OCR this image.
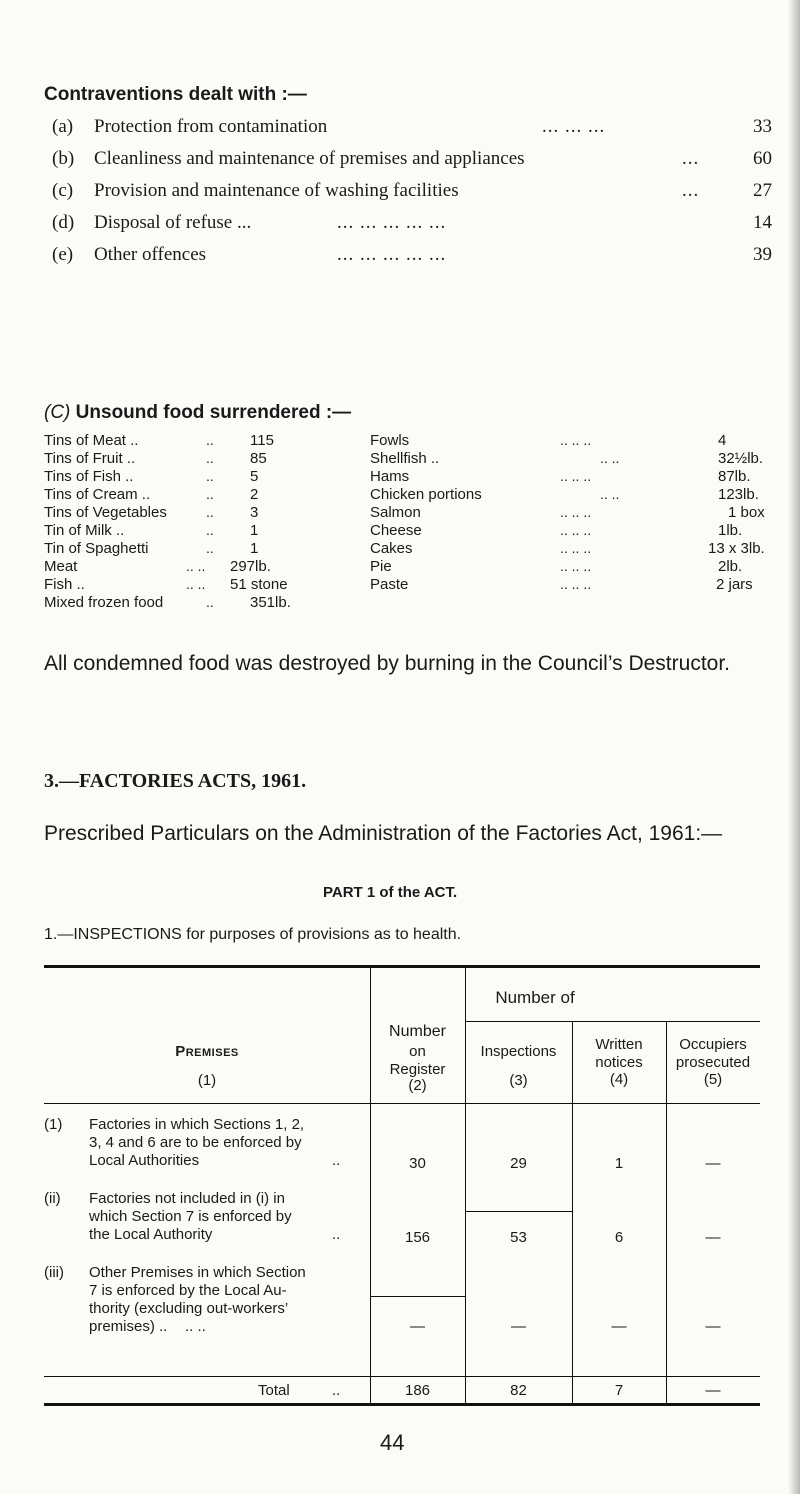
Contraventions dealt with :—
(a) Protection from contamination	... ... ...	33
(b) Cleanliness and maintenance of premises and appliances	...	60
(c) Provision and maintenance of washing facilities	...	27
(d) Disposal of refuse ...	... ... ... ... ...	14
(e) Other offences	... ... ... ... ...	39
(C) Unsound food surrendered :—
Tins of Meat ..	.. 115	Fowls	.. .. ..	4
Tins of Fruit ..	.. 85	Shellfish ..	.. ..	32½lb.
Tins of Fish ..	.. 5	Hams	.. .. ..	87lb.
Tins of Cream ..	.. 2	Chicken portions	.. ..	123lb.
Tins of Vegetables	.. 3	Salmon	.. .. ..	1 box
Tin of Milk ..	.. 1	Cheese	.. .. ..	1lb.
Tin of Spaghetti	.. 1	Cakes	.. .. ..	13 x 3lb.
Meat	.. .. 297lb.	Pie	.. .. ..	2lb.
Fish ..	.. .. 51 stone	Paste	.. .. ..	2 jars
Mixed frozen food	.. 351lb.
All condemned food was destroyed by burning in the Council’s Destructor.
3.—FACTORIES ACTS, 1961.
Prescribed Particulars on the Administration of the Factories Act, 1961:—
PART 1 of the ACT.
1.—INSPECTIONS for purposes of provisions as to health.
Premises
(1)
Number
on
Register
(2)
Number of
Inspections
(3)
Written
notices
(4)
Occupiers
prosecuted
(5)
(1) Factories in which Sections 1, 2,
3, 4 and 6 are to be enforced by
Local Authorities	..	30	29	1	—
(ii) Factories not included in (i) in
which Section 7 is enforced by
the Local Authority	..	156	53	6	—
(iii) Other Premises in which Section
7 is enforced by the Local Au-
thority (excluding out-workers’
premises) .. .. ..	—	—	—	—
Total	..	186	82	7	—
44
